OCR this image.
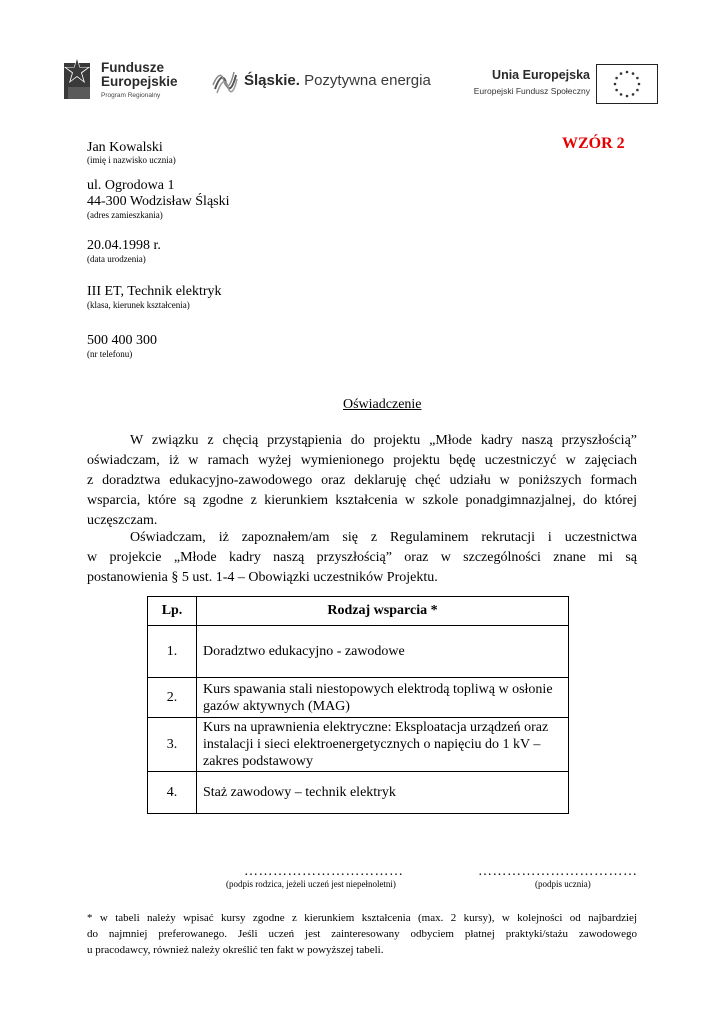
Fundusze
Europejskie
Program Regionalny
Śląskie. Pozytywna energia	Unia Europejska
Europejski Fundusz Społeczny
WZÓR 2
Jan Kowalski
(imię i nazwisko ucznia)
ul. Ogrodowa 1
44-300 Wodzisław Śląski
(adres zamieszkania)
20.04.1998 r.
(data urodzenia)
III ET, Technik elektryk
(klasa, kierunek kształcenia)
500 400 300
(nr telefonu)
Oświadczenie
W związku z chęcią przystąpienia do projektu „Młode kadry naszą przyszłością”
oświadczam, iż w ramach wyżej wymienionego projektu będę uczestniczyć w zajęciach
z doradztwa edukacyjno-zawodowego oraz deklaruję chęć udziału w poniższych formach
wsparcia, które są zgodne z kierunkiem kształcenia w szkole ponadgimnazjalnej, do której
uczęszczam.
Oświadczam, iż zapoznałem/am się z Regulaminem rekrutacji i uczestnictwa
w projekcie „Młode kadry naszą przyszłością” oraz w szczególności znane mi są
postanowienia § 5 ust. 1-4 – Obowiązki uczestników Projektu.
Lp.	Rodzaj wsparcia *
1.	Doradztwo edukacyjno - zawodowe
2.	Kurs spawania stali niestopowych elektrodą topliwą w osłonie gazów aktywnych (MAG)
3.	Kurs na uprawnienia elektryczne: Eksploatacja urządzeń oraz instalacji i sieci elektroenergetycznych o napięciu do 1 kV – zakres podstawowy
4.	Staż zawodowy – technik elektryk
……………………………
(podpis rodzica, jeżeli uczeń jest niepełnoletni)
……………………………
(podpis ucznia)
* w tabeli należy wpisać kursy zgodne z kierunkiem kształcenia (max. 2 kursy), w kolejności od najbardziej
do najmniej preferowanego. Jeśli uczeń jest zainteresowany odbyciem płatnej praktyki/stażu zawodowego
u pracodawcy, również należy określić ten fakt w powyższej tabeli.
